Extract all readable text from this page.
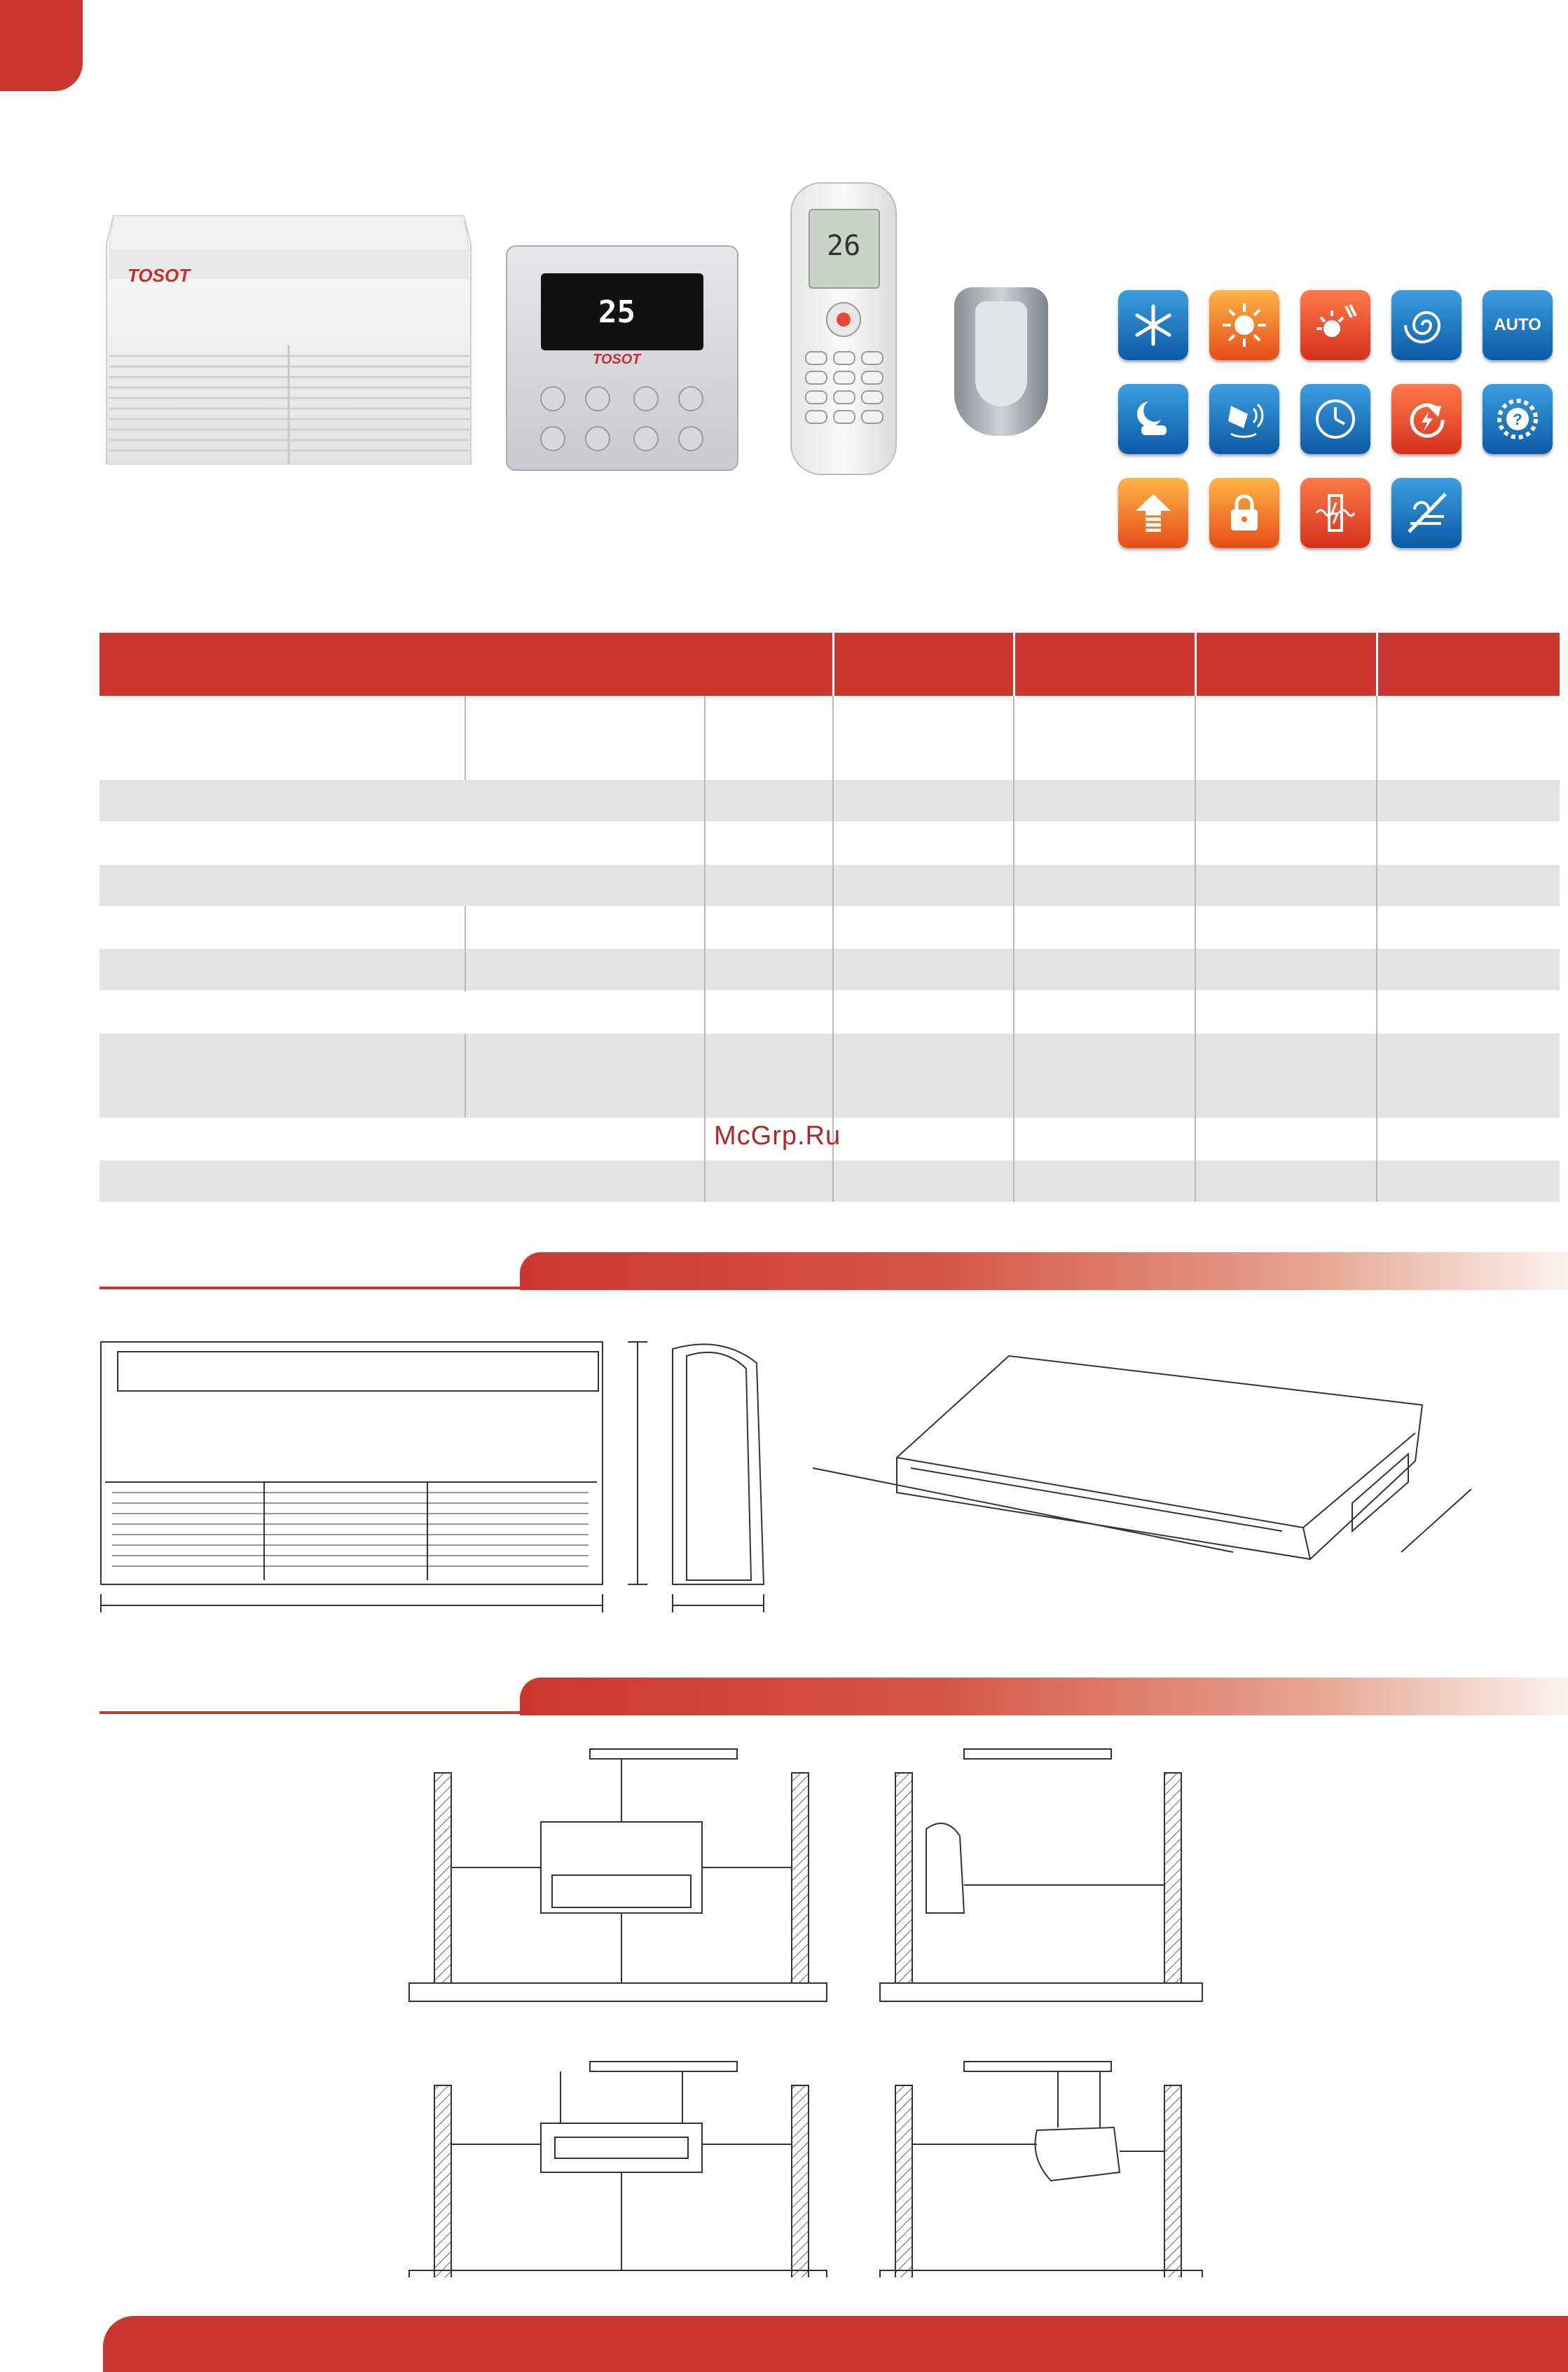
TOSOT
25
TOSOT
26
AUTO
?
McGrp.Ru
